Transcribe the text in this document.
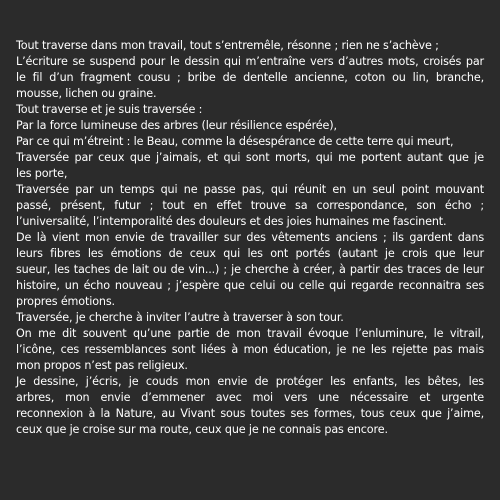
Tout traverse dans mon travail, tout s’entremêle, résonne ; rien ne s’achève ;
L’écriture se suspend pour le dessin qui m’entraîne vers d’autres mots, croisés par
le fil d’un fragment cousu ; bribe de dentelle ancienne, coton ou lin, branche,
mousse, lichen ou graine.
Tout traverse et je suis traversée :
Par la force lumineuse des arbres (leur résilience espérée),
Par ce qui m’étreint : le Beau, comme la désespérance de cette terre qui meurt,
Traversée par ceux que j’aimais, et qui sont morts, qui me portent autant que je
les porte,
Traversée par un temps qui ne passe pas, qui réunit en un seul point mouvant
passé, présent, futur ; tout en effet trouve sa correspondance, son écho ;
l’universalité, l’intemporalité des douleurs et des joies humaines me fascinent.
De là vient mon envie de travailler sur des vêtements anciens ; ils gardent dans
leurs fibres les émotions de ceux qui les ont portés (autant je crois que leur
sueur, les taches de lait ou de vin...) ; je cherche à créer, à partir des traces de leur
histoire, un écho nouveau ; j’espère que celui ou celle qui regarde reconnaitra ses
propres émotions.
Traversée, je cherche à inviter l’autre à traverser à son tour.
On me dit souvent qu’une partie de mon travail évoque l’enluminure, le vitrail,
l’icône, ces ressemblances sont liées à mon éducation, je ne les rejette pas mais
mon propos n’est pas religieux.
Je dessine, j’écris, je couds mon envie de protéger les enfants, les bêtes, les
arbres, mon envie d’emmener avec moi vers une nécessaire et urgente
reconnexion à la Nature, au Vivant sous toutes ses formes, tous ceux que j’aime,
ceux que je croise sur ma route, ceux que je ne connais pas encore.
